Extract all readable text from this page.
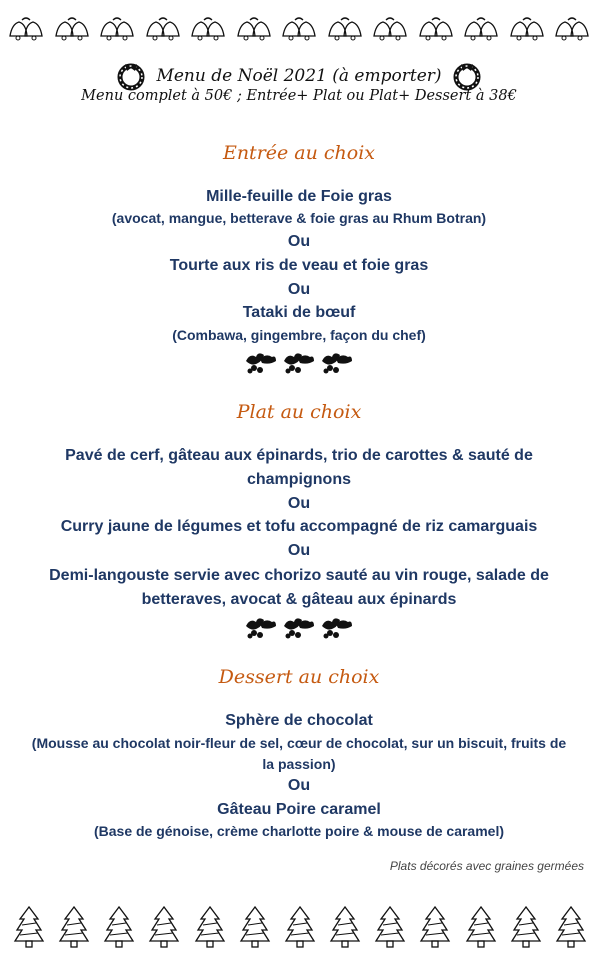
Menu de Noël 2021 (à emporter)
Menu complet à 50€ ; Entrée+ Plat ou Plat+ Dessert à 38€
Entrée au choix
Mille-feuille de Foie gras
(avocat, mangue, betterave & foie gras au Rhum Botran)
Ou
Tourte aux ris de veau et foie gras
Ou
Tataki de bœuf
(Combawa, gingembre, façon du chef)
Plat au choix
Pavé de cerf, gâteau aux épinards, trio de carottes & sauté de
champignons
Ou
Curry jaune de légumes et tofu accompagné de riz camarguais
Ou
Demi-langouste servie avec chorizo sauté au vin rouge, salade de
betteraves, avocat & gâteau aux épinards
Dessert au choix
Sphère de chocolat
(Mousse au chocolat noir-fleur de sel, cœur de chocolat, sur un biscuit, fruits de
la passion)
Ou
Gâteau Poire caramel
(Base de génoise, crème charlotte poire & mouse de caramel)
Plats décorés avec graines germées
